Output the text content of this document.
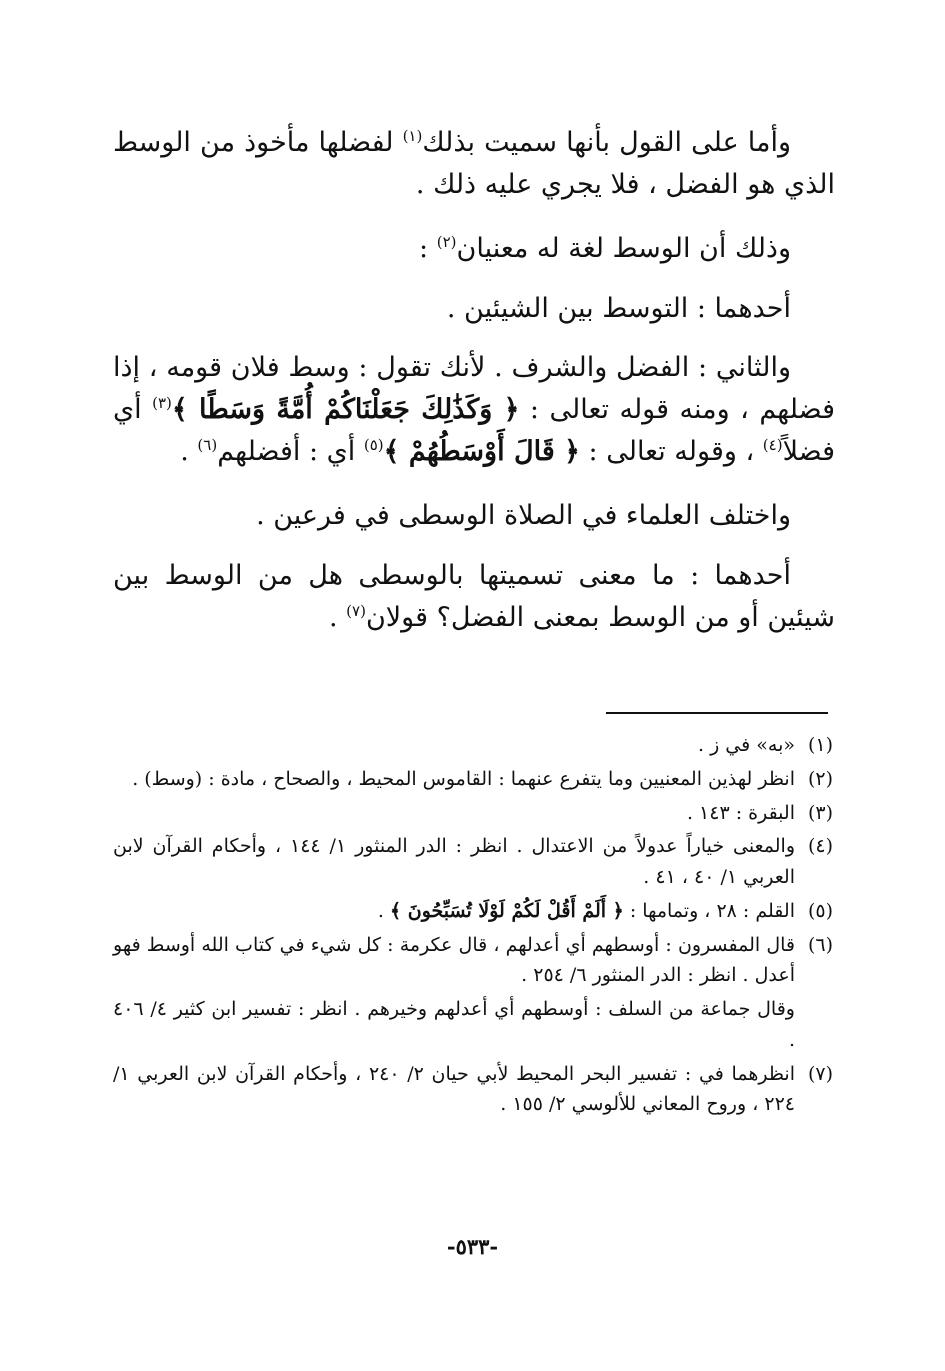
وأما على القول بأنها سميت بذلك$^{(١)}$ لفضلها مأخوذ من الوسط الذي هو الفضل ، فلا يجري عليه ذلك .

وذلك أن الوسط لغة له معنيان$^{(٢)}$ :

أحدهما : التوسط بين الشيئين .

والثاني : الفضل والشرف . لأنك تقول : وسط فلان قومه ، إذا فضلهم ، ومنه قوله تعالى : ﴿ وَكَذَٰلِكَ جَعَلْنَاكُمْ أُمَّةً وَسَطًا ﴾$^{(٣)}$ أي فضلاً$^{(٤)}$ ، وقوله تعالى : ﴿ قَالَ أَوْسَطُهُمْ ﴾$^{(٥)}$ أي : أفضلهم$^{(٦)}$ .

واختلف العلماء في الصلاة الوسطى في فرعين .

أحدهما : ما معنى تسميتها بالوسطى هل من الوسط بين شيئين أو من الوسط بمعنى الفضل؟ قولان$^{(٧)}$ .

(١)
«به» في ز .
(٢)
انظر لهذين المعنيين وما يتفرع عنهما : القاموس المحيط ، والصحاح ، مادة : (وسط) .
(٣)
البقرة : ١٤٣ .
(٤)
والمعنى خياراً عدولاً من الاعتدال . انظر : الدر المنثور ١/ ١٤٤ ، وأحكام القرآن لابن العربي ١/ ٤٠ ، ٤١ .
(٥)
القلم : ٢٨ ، وتمامها : ﴿ أَلَمْ أَقُلْ لَكُمْ لَوْلَا تُسَبِّحُونَ ﴾ .
(٦)
قال المفسرون : أوسطهم أي أعدلهم ، قال عكرمة : كل شيء في كتاب الله أوسط فهو أعدل . انظر : الدر المنثور ٦/ ٢٥٤ .
وقال جماعة من السلف : أوسطهم أي أعدلهم وخيرهم . انظر : تفسير ابن كثير ٤/ ٤٠٦ .
(٧)
انظرهما في : تفسير البحر المحيط لأبي حيان ٢/ ٢٤٠ ، وأحكام القرآن لابن العربي ١/ ٢٢٤ ، وروح المعاني للألوسي ٢/ ١٥٥ .
-٥٣٣-
